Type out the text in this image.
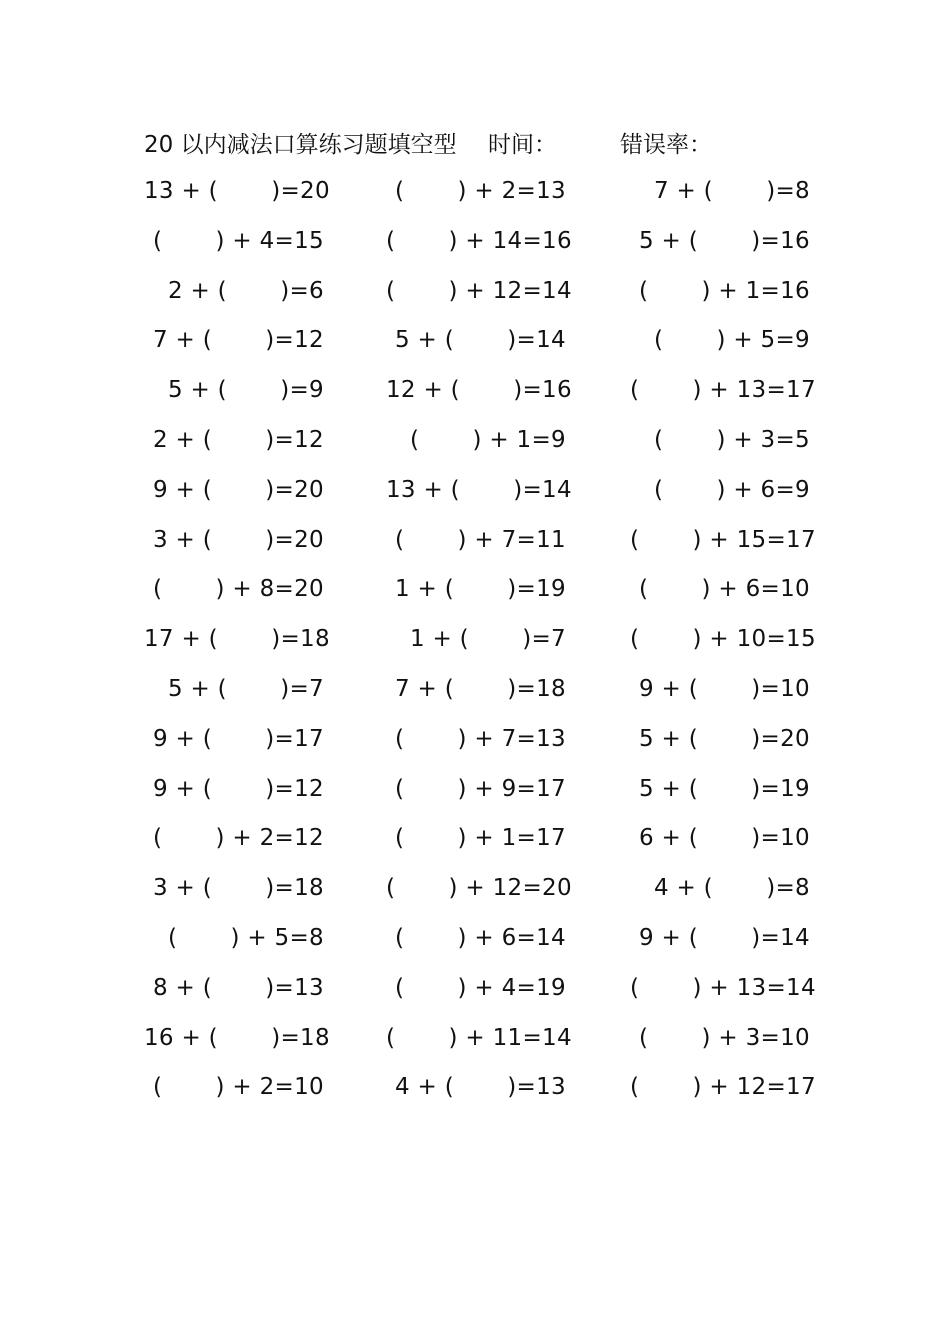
20 以内减法口算练习题填空型 时间：	错误率：
13 + (       )=20
(       ) + 4=15
2 + (       )=6
7 + (       )=12
5 + (       )=9
2 + (       )=12
9 + (       )=20
3 + (       )=20
(       ) + 8=20
17 + (       )=18
5 + (       )=7
9 + (       )=17
9 + (       )=12
(       ) + 2=12
3 + (       )=18
(       ) + 5=8
8 + (       )=13
16 + (       )=18
(       ) + 2=10
(       ) + 2=13
(       ) + 14=16
(       ) + 12=14
5 + (       )=14
12 + (       )=16
(       ) + 1=9
13 + (       )=14
(       ) + 7=11
1 + (       )=19
1 + (       )=7
7 + (       )=18
(       ) + 7=13
(       ) + 9=17
(       ) + 1=17
(       ) + 12=20
(       ) + 6=14
(       ) + 4=19
(       ) + 11=14
4 + (       )=13
7 + (       )=8
5 + (       )=16
(       ) + 1=16
(       ) + 5=9
(       ) + 13=17
(       ) + 3=5
(       ) + 6=9
(       ) + 15=17
(       ) + 6=10
(       ) + 10=15
9 + (       )=10
5 + (       )=20
5 + (       )=19
6 + (       )=10
4 + (       )=8
9 + (       )=14
(       ) + 13=14
(       ) + 3=10
(       ) + 12=17
